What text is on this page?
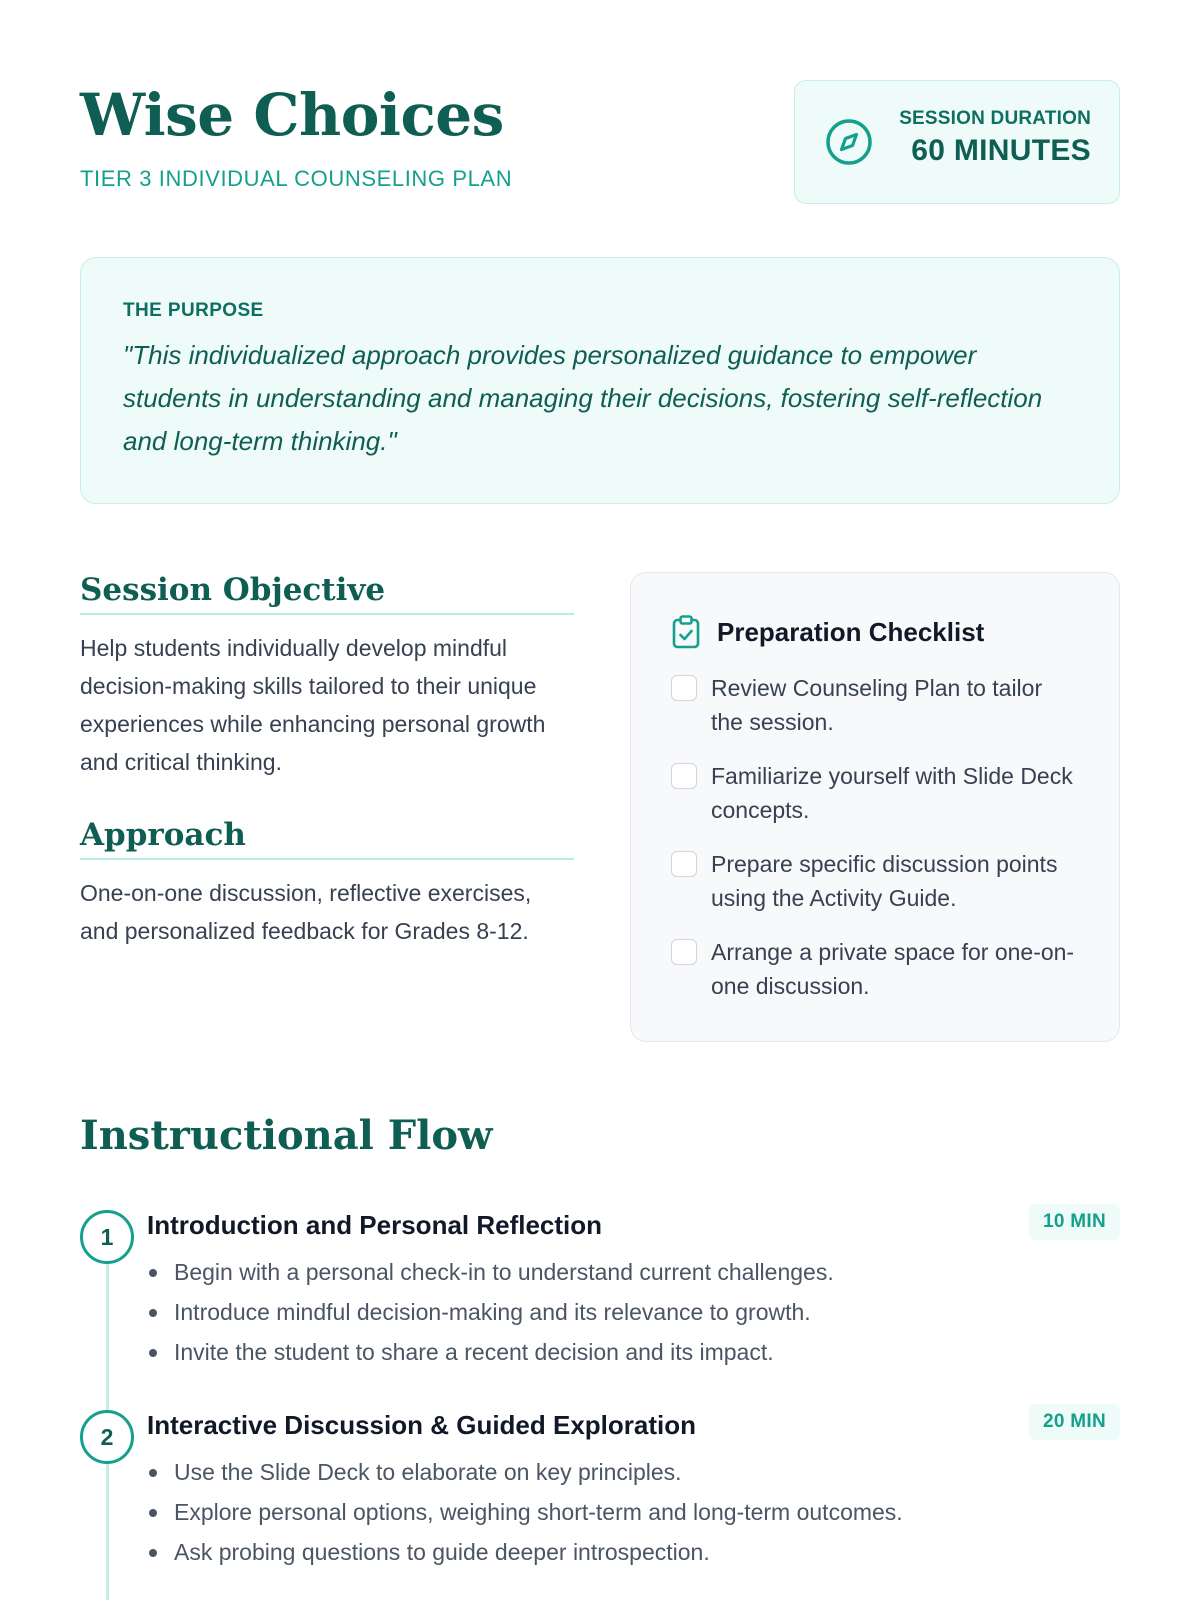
Wise Choices
TIER 3 INDIVIDUAL COUNSELING PLAN
SESSION DURATION
60 MINUTES
THE PURPOSE

"This individualized approach provides personalized guidance to empower students in understanding and managing their decisions, fostering self-reflection and long-term thinking."

Session Objective

Help students individually develop mindful decision-making skills tailored to their unique experiences while enhancing personal growth and critical thinking.

Approach

One-on-one discussion, reflective exercises, and personalized feedback for Grades 8-12.

Preparation Checklist
Review Counseling Plan to tailor the session.
Familiarize yourself with Slide Deck concepts.
Prepare specific discussion points using the Activity Guide.
Arrange a private space for one-on-one discussion.
Instructional Flow
1	Introduction and Personal Reflection	10 MIN
Begin with a personal check-in to understand current challenges.
Introduce mindful decision-making and its relevance to growth.
Invite the student to share a recent decision and its impact.
2	Interactive Discussion & Guided Exploration	20 MIN
Use the Slide Deck to elaborate on key principles.
Explore personal options, weighing short-term and long-term outcomes.
Ask probing questions to guide deeper introspection.
